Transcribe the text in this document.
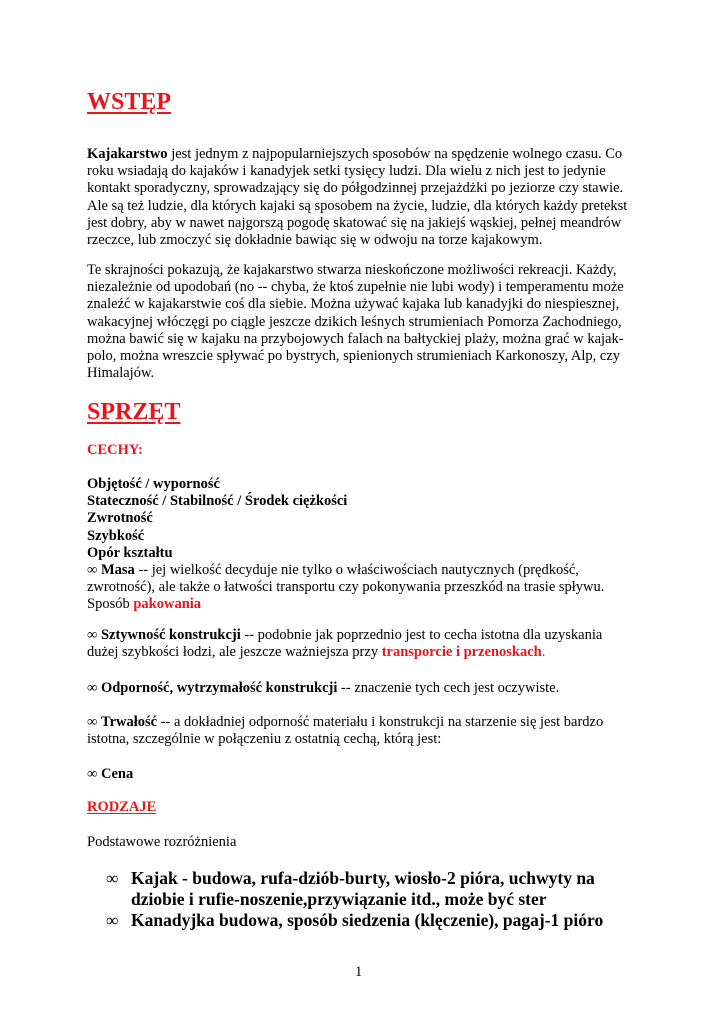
WSTĘP
Kajakarstwo jest jednym z najpopularniejszych sposobów na spędzenie wolnego czasu. Co
roku wsiadają do kajaków i kanadyjek setki tysięcy ludzi. Dla wielu z nich jest to jedynie
kontakt sporadyczny, sprowadzający się do półgodzinnej przejażdżki po jeziorze czy stawie.
Ale są też ludzie, dla których kajaki są sposobem na życie, ludzie, dla których każdy pretekst
jest dobry, aby w nawet najgorszą pogodę skatować się na jakiejś wąskiej, pełnej meandrów
rzeczce, lub zmoczyć się dokładnie bawiąc się w odwoju na torze kajakowym.
Te skrajności pokazują, że kajakarstwo stwarza nieskończone możliwości rekreacji. Każdy,
niezależnie od upodobań (no -- chyba, że ktoś zupełnie nie lubi wody) i temperamentu może
znaleźć w kajakarstwie coś dla siebie. Można używać kajaka lub kanadyjki do niespiesznej,
wakacyjnej włóczęgi po ciągle jeszcze dzikich leśnych strumieniach Pomorza Zachodniego,
można bawić się w kajaku na przybojowych falach na bałtyckiej plaży, można grać w kajak-
polo, można wreszcie spływać po bystrych, spienionych strumieniach Karkonoszy, Alp, czy
Himalajów.
SPRZĘT
CECHY:
Objętość / wyporność
Stateczność / Stabilność / Środek ciężkości
Zwrotność
Szybkość
Opór kształtu
∞ Masa -- jej wielkość decyduje nie tylko o właściwościach nautycznych (prędkość,
zwrotność), ale także o łatwości transportu czy pokonywania przeszkód na trasie spływu.
Sposób pakowania
∞ Sztywność konstrukcji -- podobnie jak poprzednio jest to cecha istotna dla uzyskania
dużej szybkości łodzi, ale jeszcze ważniejsza przy transporcie i przenoskach.
∞ Odporność, wytrzymałość konstrukcji -- znaczenie tych cech jest oczywiste.
∞ Trwałość -- a dokładniej odporność materiału i konstrukcji na starzenie się jest bardzo
istotna, szczególnie w połączeniu z ostatnią cechą, którą jest:
∞ Cena
RODZAJE
Podstawowe rozróżnienia
∞ Kajak - budowa, rufa-dziób-burty, wiosło-2 pióra, uchwyty na
dziobie i rufie-noszenie,przywiązanie itd., może być ster
∞ Kanadyjka budowa, sposób siedzenia (klęczenie), pagaj-1 pióro
1
